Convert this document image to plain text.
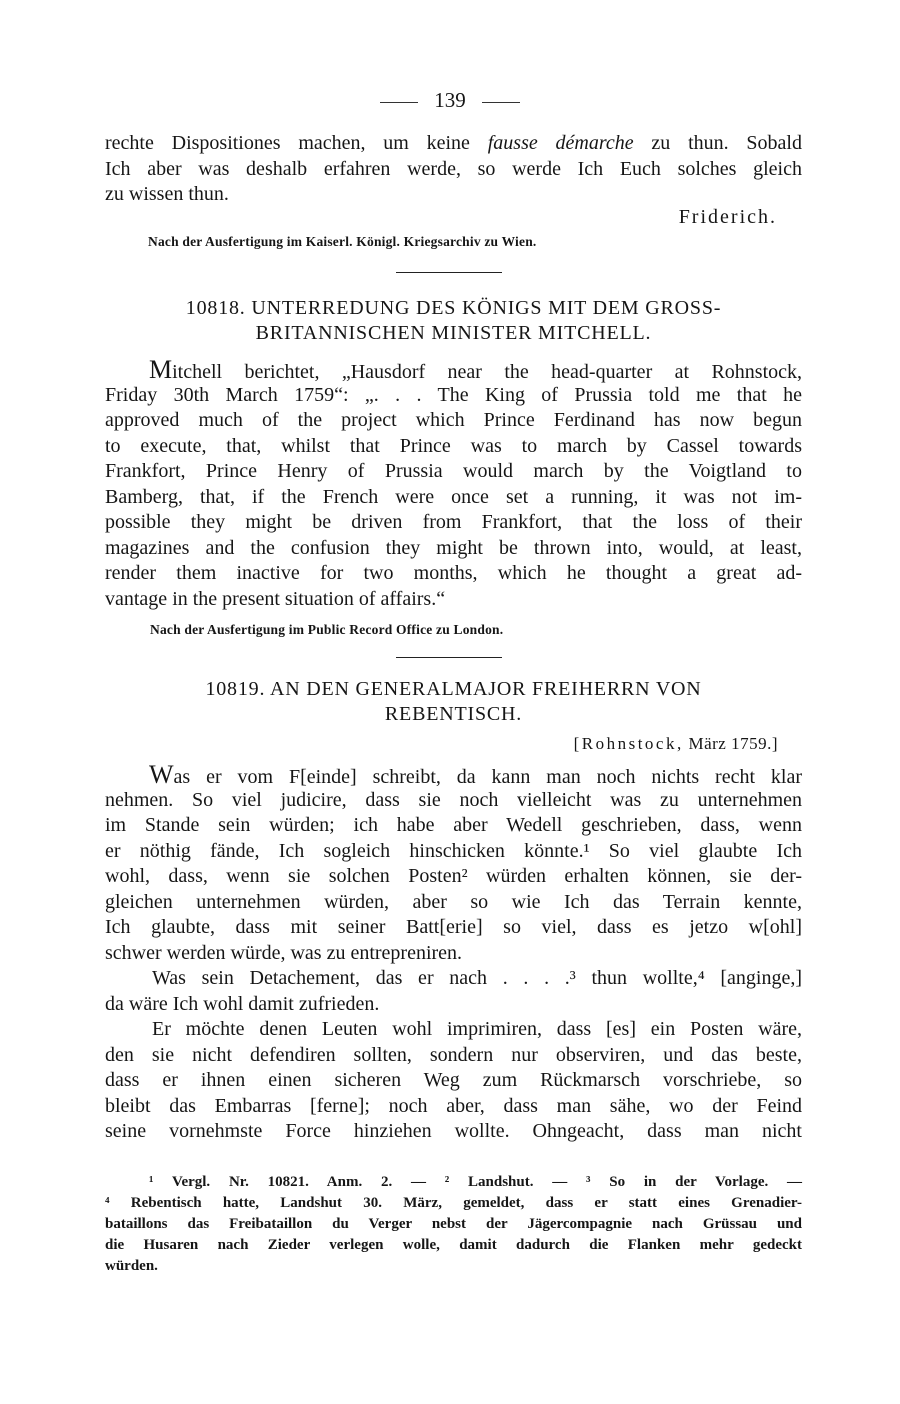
139
rechte Dispositiones machen, um keine fausse démarche zu thun. Sobald
Ich aber was deshalb erfahren werde, so werde Ich Euch solches gleich
zu wissen thun.
Friderich.
Nach der Ausfertigung im Kaiserl. Königl. Kriegsarchiv zu Wien.
10818. UNTERREDUNG DES KÖNIGS MIT DEM GROSS-
BRITANNISCHEN MINISTER MITCHELL.
Mitchell berichtet, „Hausdorf near the head-quarter at Rohnstock,
Friday 30th March 1759“: „. . . The King of Prussia told me that he
approved much of the project which Prince Ferdinand has now begun
to execute, that, whilst that Prince was to march by Cassel towards
Frankfort, Prince Henry of Prussia would march by the Voigtland to
Bamberg, that, if the French were once set a running, it was not im-
possible they might be driven from Frankfort, that the loss of their
magazines and the confusion they might be thrown into, would, at least,
render them inactive for two months, which he thought a great ad-
vantage in the present situation of affairs.“
Nach der Ausfertigung im Public Record Office zu London.
10819. AN DEN GENERALMAJOR FREIHERRN VON
REBENTISCH.
[Rohnstock, März 1759.]
Was er vom F[einde] schreibt, da kann man noch nichts recht klar
nehmen. So viel judicire, dass sie noch vielleicht was zu unternehmen
im Stande sein würden; ich habe aber Wedell geschrieben, dass, wenn
er nöthig fände, Ich sogleich hinschicken könnte.¹ So viel glaubte Ich
wohl, dass, wenn sie solchen Posten² würden erhalten können, sie der-
gleichen unternehmen würden, aber so wie Ich das Terrain kennte,
Ich glaubte, dass mit seiner Batt[erie] so viel, dass es jetzo w[ohl]
schwer werden würde, was zu entrepreniren.
Was sein Detachement, das er nach . . . .³ thun wollte,⁴ [anginge,]
da wäre Ich wohl damit zufrieden.
Er möchte denen Leuten wohl imprimiren, dass [es] ein Posten wäre,
den sie nicht defendiren sollten, sondern nur observiren, und das beste,
dass er ihnen einen sicheren Weg zum Rückmarsch vorschriebe, so
bleibt das Embarras [ferne]; noch aber, dass man sähe, wo der Feind
seine vornehmste Force hinziehen wollte. Ohngeacht, dass man nicht
¹ Vergl. Nr. 10821. Anm. 2. — ² Landshut. — ³ So in der Vorlage. —
⁴ Rebentisch hatte, Landshut 30. März, gemeldet, dass er statt eines Grenadier-
bataillons das Freibataillon du Verger nebst der Jägercompagnie nach Grüssau und
die Husaren nach Zieder verlegen wolle, damit dadurch die Flanken mehr gedeckt
würden.
